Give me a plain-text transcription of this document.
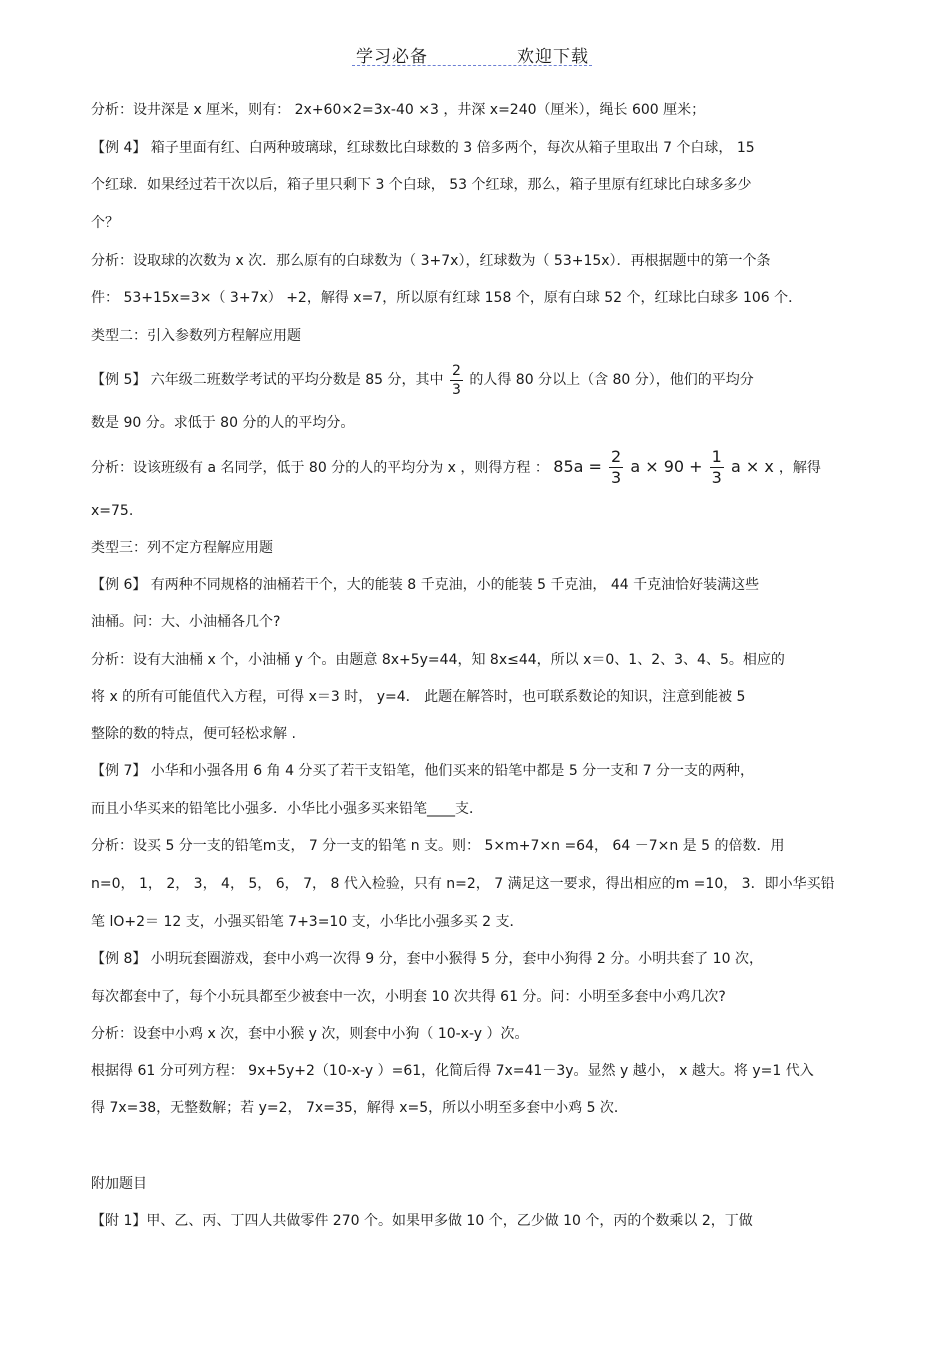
学习必备	欢迎下载
分析：设井深是 x 厘米，则有： 2x+60×2=3x-40 ×3 ，井深 x=240（厘米），绳长 600 厘米；
【例 4】 箱子里面有红、白两种玻璃球，红球数比白球数的 3 倍多两个，每次从箱子里取出 7 个白球， 15
个红球．如果经过若干次以后，箱子里只剩下 3 个白球， 53 个红球，那么，箱子里原有红球比白球多多少
个？
分析：设取球的次数为 x 次．那么原有的白球数为（ 3+7x），红球数为（ 53+15x）．再根据题中的第一个条
件： 53+15x=3×（ 3+7x） +2，解得 x=7，所以原有红球 158 个，原有白球 52 个，红球比白球多 106 个．
类型二：引入参数列方程解应用题
【例 5】 六年级二班数学考试的平均分数是 85 分，其中 $\frac{2}{3}$ 的人得 80 分以上（含 80 分），他们的平均分
数是 90 分。求低于 80 分的人的平均分。
分析：设该班级有 a 名同学，低于 80 分的人的平均分为 x ，则得方程 ： $85a = \frac{2}{3}$ $a \times 90 + \frac{1}{3}$ a × x ，解得
x=75.
类型三：列不定方程解应用题
【例 6】 有两种不同规格的油桶若干个，大的能装 8 千克油，小的能装 5 千克油， 44 千克油恰好装满这些
油桶。问：大、小油桶各几个?
分析：设有大油桶 x 个，小油桶 y 个。由题意 8x+5y=44，知 8x≤44，所以 x＝0、1、2、3、4、5。相应的
将 x 的所有可能值代入方程，可得 x＝3 时， y=4． 此题在解答时，也可联系数论的知识，注意到能被 5
整除的数的特点，便可轻松求解 .
【例 7】 小华和小强各用 6 角 4 分买了若干支铅笔，他们买来的铅笔中都是 5 分一支和 7 分一支的两种，
而且小华买来的铅笔比小强多．小华比小强多买来铅笔____支．
分析：设买 5 分一支的铅笔m支， 7 分一支的铅笔 n 支。则： 5×m+7×n =64， 64 －7×n 是 5 的倍数．用
n=0， 1， 2， 3， 4， 5， 6， 7， 8 代入检验，只有 n=2， 7 满足这一要求，得出相应的m =10， 3．即小华买铅
笔 lO+2＝ 12 支，小强买铅笔 7+3=10 支，小华比小强多买 2 支．
【例 8】 小明玩套圈游戏，套中小鸡一次得 9 分，套中小猴得 5 分，套中小狗得 2 分。小明共套了 10 次，
每次都套中了，每个小玩具都至少被套中一次，小明套 10 次共得 61 分。问：小明至多套中小鸡几次?
分析：设套中小鸡 x 次，套中小猴 y 次，则套中小狗（ 10-x-y ）次。
根据得 61 分可列方程： 9x+5y+2（10-x-y ）=61，化简后得 7x=41－3y。显然 y 越小， x 越大。将 y=1 代入
得 7x=38，无整数解；若 y=2， 7x=35，解得 x=5，所以小明至多套中小鸡 5 次．
附加题目
【附 1】甲、乙、丙、丁四人共做零件 270 个。如果甲多做 10 个，乙少做 10 个，丙的个数乘以 2，丁做
